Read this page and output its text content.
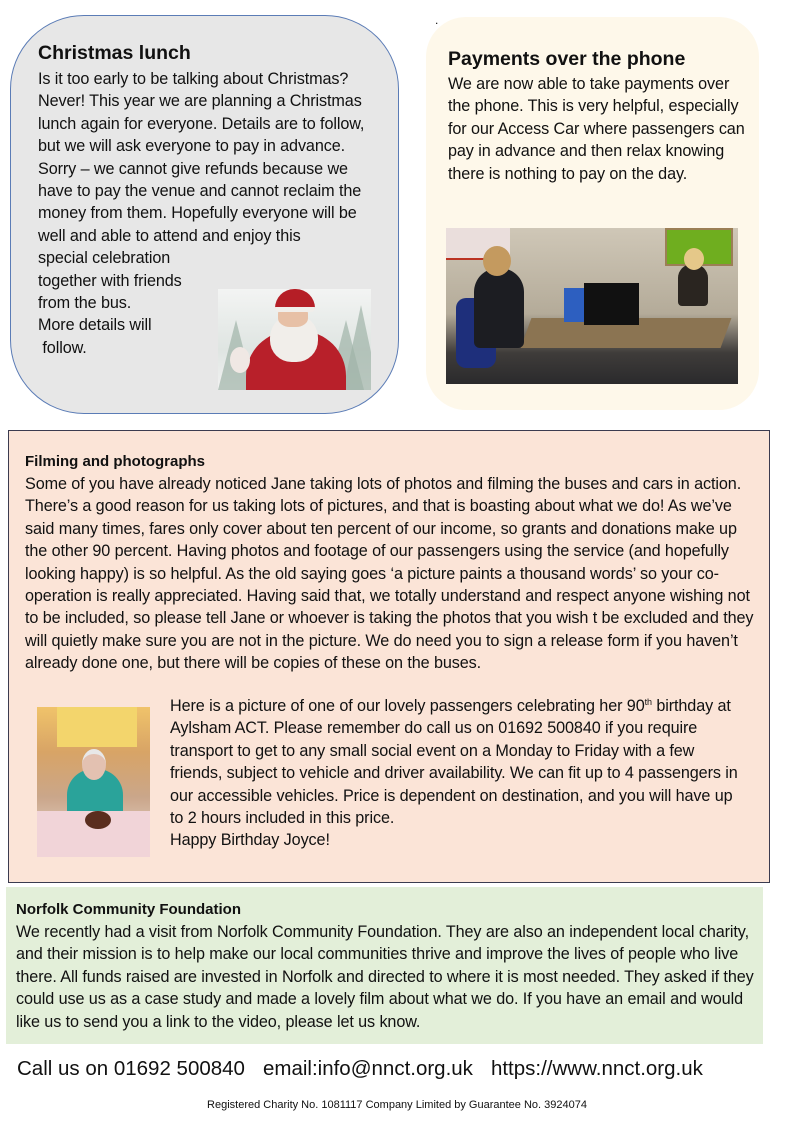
Christmas lunch
Is it too early to be talking about Christmas? Never! This year we are planning a Christmas lunch again for everyone. Details are to follow, but we will ask everyone to pay in advance. Sorry – we cannot give refunds because we have to pay the venue and cannot reclaim the money from them. Hopefully everyone will be well and able to attend and enjoy this
special celebration
together with friends
from the bus.
More details will
follow.
.
Payments over the phone
We are now able to take payments over the phone. This is very helpful, especially for our Access Car where passengers can pay in advance and then relax knowing there is nothing to pay on the day.
Filming and photographs
Some of you have already noticed Jane taking lots of photos and filming the buses and cars in action. There’s a good reason for us taking lots of pictures, and that is boasting about what we do! As we’ve said many times, fares only cover about ten percent of our income, so grants and donations make up the other 90 percent. Having photos and footage of our passengers using the service (and hopefully looking happy) is so helpful. As the old saying goes ‘a picture paints a thousand words’ so your co-operation is really appreciated. Having said that, we totally understand and respect anyone wishing not to be included, so please tell Jane or whoever is taking the photos that you wish t be excluded and they will quietly make sure you are not in the picture. We do need you to sign a release form if you haven’t already done one, but there will be copies of these on the buses.
Here is a picture of one of our lovely passengers celebrating her 90th birthday at Aylsham ACT. Please remember do call us on 01692 500840 if you require transport to get to any small social event on a Monday to Friday with a few friends, subject to vehicle and driver availability. We can fit up to 4 passengers in our accessible vehicles. Price is dependent on destination, and you will have up to 2 hours included in this price.
Happy Birthday Joyce!
Norfolk Community Foundation
We recently had a visit from Norfolk Community Foundation. They are also an independent local charity, and their mission is to help make our local communities thrive and improve the lives of people who live there. All funds raised are invested in Norfolk and directed to where it is most needed. They asked if they could use us as a case study and made a lovely film about what we do. If you have an email and would like us to send you a link to the video, please let us know.
Call us on 01692 500840 email:info@nnct.org.uk https://www.nnct.org.uk
Registered Charity No. 1081117 Company Limited by Guarantee No. 3924074
